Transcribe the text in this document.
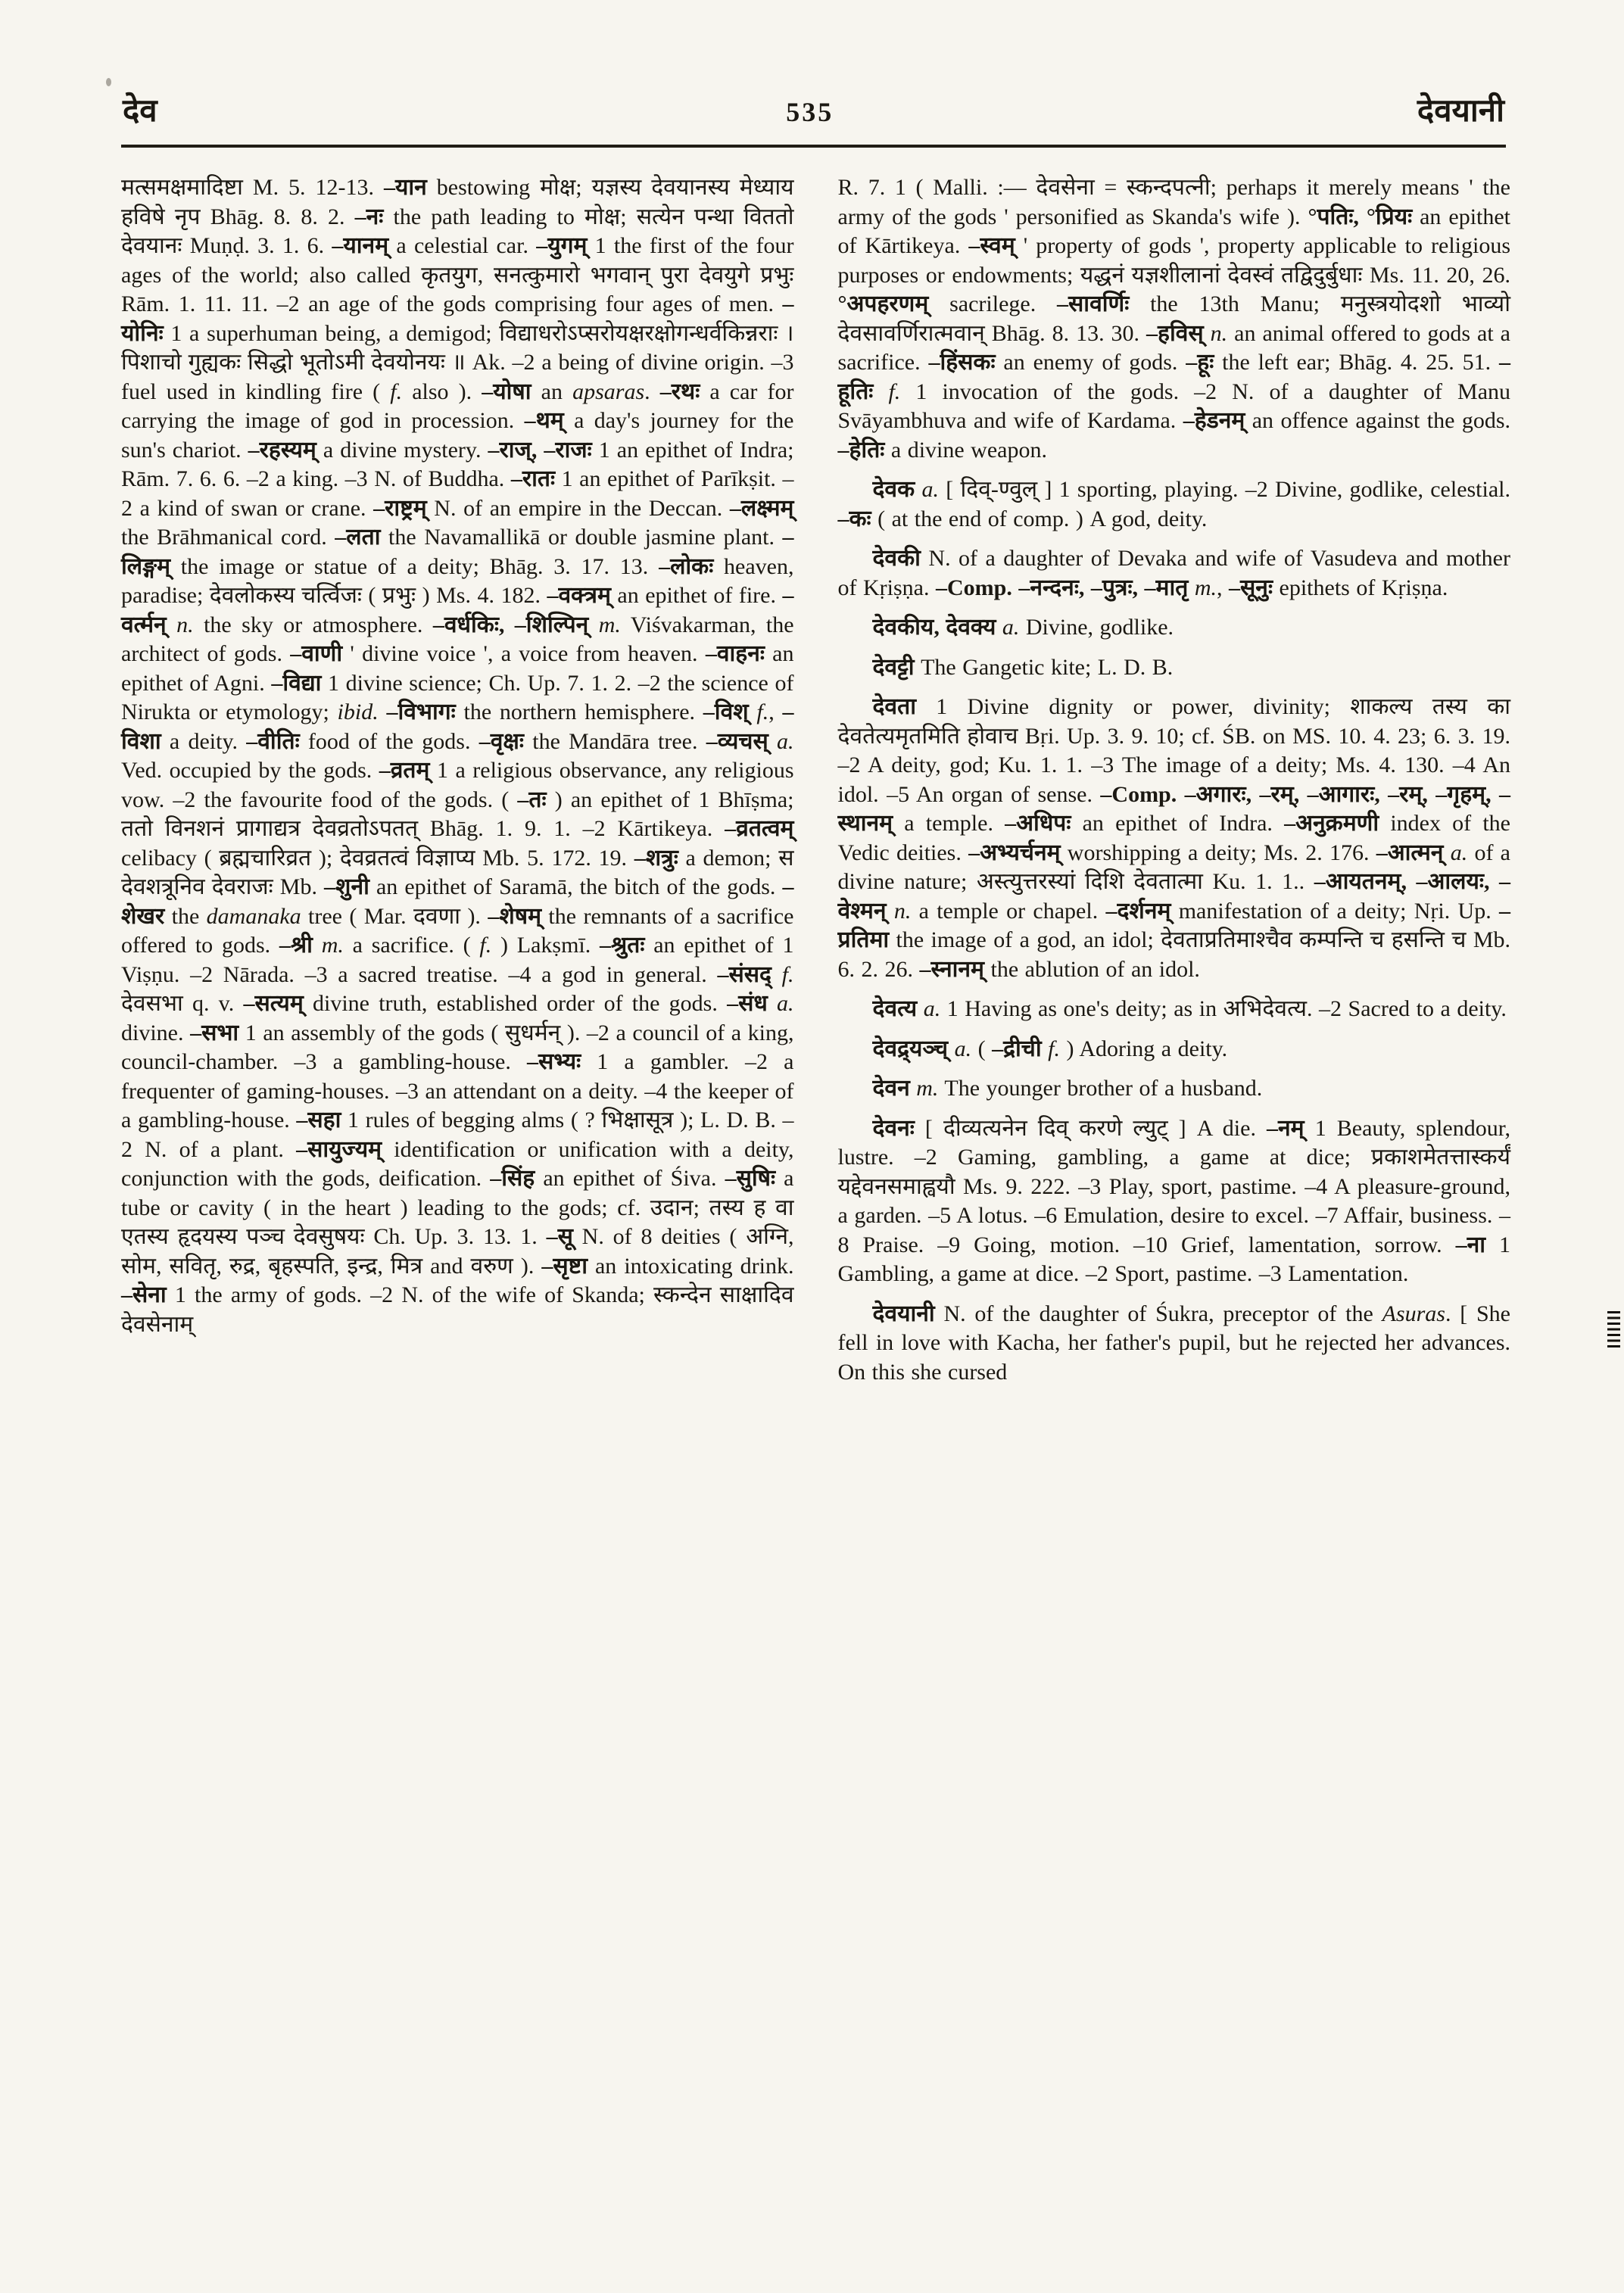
देव	535	देवयानी

मत्समक्षमादिष्टा M. 5. 12-13. –यान bestowing मोक्ष; यज्ञस्य देवयानस्य मेध्याय हविषे नृप Bhāg. 8. 8. 2. –नः the path leading to मोक्ष; सत्येन पन्था विततो देवयानः Muṇḍ. 3. 1. 6. –यानम् a celestial car. –युगम् 1 the first of the four ages of the world; also called कृतयुग, सनत्कुमारो भगवान् पुरा देवयुगे प्रभुः Rām. 1. 11. 11. –2 an age of the gods comprising four ages of men. –योनिः 1 a superhuman being, a demigod; विद्याधरोऽप्सरोयक्षरक्षोगन्धर्वकिन्नराः । पिशाचो गुह्यकः सिद्धो भूतोऽमी देवयोनयः ॥ Ak. –2 a being of divine origin. –3 fuel used in kindling fire ( f. also ). –योषा an apsaras. –रथः a car for carrying the image of god in procession. –थम् a day's journey for the sun's chariot. –रहस्यम् a divine mystery. –राज्, –राजः 1 an epithet of Indra; Rām. 7. 6. 6. –2 a king. –3 N. of Buddha. –रातः 1 an epithet of Parīkṣit. –2 a kind of swan or crane. –राष्ट्रम् N. of an empire in the Deccan. –लक्ष्मम् the Brāhmanical cord. –लता the Navamallikā or double jasmine plant. –लिङ्गम् the image or statue of a deity; Bhāg. 3. 17. 13. –लोकः heaven, paradise; देवलोकस्य चर्त्विजः ( प्रभुः ) Ms. 4. 182. –वक्त्रम् an epithet of fire. –वर्त्मन् n. the sky or atmosphere. –वर्धकिः, –शिल्पिन् m. Viśvakarman, the architect of gods. –वाणी ' divine voice ', a voice from heaven. –वाहनः an epithet of Agni. –विद्या 1 divine science; Ch. Up. 7. 1. 2. –2 the science of Nirukta or etymology; ibid. –विभागः the northern hemisphere. –विश् f., –विशा a deity. –वीतिः food of the gods. –वृक्षः the Mandāra tree. –व्यचस् a. Ved. occupied by the gods. –व्रतम् 1 a religious observance, any religious vow. –2 the favourite food of the gods. ( –तः ) an epithet of 1 Bhīṣma; ततो विनशनं प्रागाद्यत्र देवव्रतोऽपतत् Bhāg. 1. 9. 1. –2 Kārtikeya. –व्रतत्वम् celibacy ( ब्रह्मचारिव्रत ); देवव्रतत्वं विज्ञाप्य Mb. 5. 172. 19. –शत्रुः a demon; स देवशत्रूनिव देवराजः Mb. –शुनी an epithet of Saramā, the bitch of the gods. –शेखर the damanaka tree ( Mar. दवणा ). –शेषम् the remnants of a sacrifice offered to gods. –श्री m. a sacrifice. ( f. ) Lakṣmī. –श्रुतः an epithet of 1 Viṣṇu. –2 Nārada. –3 a sacred treatise. –4 a god in general. –संसद् f. देवसभा q. v. –सत्यम् divine truth, established order of the gods. –संध a. divine. –सभा 1 an assembly of the gods ( सुधर्मन् ). –2 a council of a king, council-chamber. –3 a gambling-house. –सभ्यः 1 a gambler. –2 a frequenter of gaming-houses. –3 an attendant on a deity. –4 the keeper of a gambling-house. –सहा 1 rules of begging alms ( ? भिक्षासूत्र ); L. D. B. –2 N. of a plant. –सायुज्यम् identification or unification with a deity, conjunction with the gods, deification. –सिंह an epithet of Śiva. –सुषिः a tube or cavity ( in the heart ) leading to the gods; cf. उदान; तस्य ह वा एतस्य हृदयस्य पञ्च देवसुषयः Ch. Up. 3. 13. 1. –सू N. of 8 deities ( अग्नि, सोम, सवितृ, रुद्र, बृहस्पति, इन्द्र, मित्र and वरुण ). –सृष्टा an intoxicating drink. –सेना 1 the army of gods. –2 N. of the wife of Skanda; स्कन्देन साक्षादिव देवसेनाम्

R. 7. 1 ( Malli. :— देवसेना = स्कन्दपत्नी; perhaps it merely means ' the army of the gods ' personified as Skanda's wife ). °पतिः, °प्रियः an epithet of Kārtikeya. –स्वम् ' property of gods ', property applicable to religious purposes or endowments; यद्धनं यज्ञशीलानां देवस्वं तद्विदुर्बुधाः Ms. 11. 20, 26. °अपहरणम् sacrilege. –सावर्णिः the 13th Manu; मनुस्त्रयोदशो भाव्यो देवसावर्णिरात्मवान् Bhāg. 8. 13. 30. –हविस् n. an animal offered to gods at a sacrifice. –हिंसकः an enemy of gods. –हूः the left ear; Bhāg. 4. 25. 51. –हूतिः f. 1 invocation of the gods. –2 N. of a daughter of Manu Svāyambhuva and wife of Kardama. –हेडनम् an offence against the gods. –हेतिः a divine weapon.

देवक a. [ दिव्-ण्वुल् ] 1 sporting, playing. –2 Divine, godlike, celestial. –कः ( at the end of comp. ) A god, deity.

देवकी N. of a daughter of Devaka and wife of Vasudeva and mother of Kṛiṣṇa. –Comp. –नन्दनः, –पुत्रः, –मातृ m., –सूनुः epithets of Kṛiṣṇa.

देवकीय, देवक्य a. Divine, godlike.

देवट्टी The Gangetic kite; L. D. B.

देवता 1 Divine dignity or power, divinity; शाकल्य तस्य का देवतेत्यमृतमिति होवाच Bṛi. Up. 3. 9. 10; cf. ŚB. on MS. 10. 4. 23; 6. 3. 19. –2 A deity, god; Ku. 1. 1. –3 The image of a deity; Ms. 4. 130. –4 An idol. –5 An organ of sense. –Comp. –अगारः, –रम्, –आगारः, –रम्, –गृहम्, –स्थानम् a temple. –अधिपः an epithet of Indra. –अनुक्रमणी index of the Vedic deities. –अभ्यर्चनम् worshipping a deity; Ms. 2. 176. –आत्मन् a. of a divine nature; अस्त्युत्तरस्यां दिशि देवतात्मा Ku. 1. 1.. –आयतनम्, –आलयः, –वेश्मन् n. a temple or chapel. –दर्शनम् manifestation of a deity; Nṛi. Up. –प्रतिमा the image of a god, an idol; देवताप्रतिमाश्चैव कम्पन्ति च हसन्ति च Mb. 6. 2. 26. –स्नानम् the ablution of an idol.

देवत्य a. 1 Having as one's deity; as in अभिदेवत्य. –2 Sacred to a deity.

देवद्र्यञ्च् a. ( –द्रीची f. ) Adoring a deity.

देवन m. The younger brother of a husband.

देवनः [ दीव्यत्यनेन दिव् करणे ल्युट् ] A die. –नम् 1 Beauty, splendour, lustre. –2 Gaming, gambling, a game at dice; प्रकाशमेतत्तास्कर्यं यद्देवनसमाह्वयौ Ms. 9. 222. –3 Play, sport, pastime. –4 A pleasure-ground, a garden. –5 A lotus. –6 Emulation, desire to excel. –7 Affair, business. –8 Praise. –9 Going, motion. –10 Grief, lamentation, sorrow. –ना 1 Gambling, a game at dice. –2 Sport, pastime. –3 Lamentation.

देवयानी N. of the daughter of Śukra, preceptor of the Asuras. [ She fell in love with Kacha, her father's pupil, but he rejected her advances. On this she cursed
